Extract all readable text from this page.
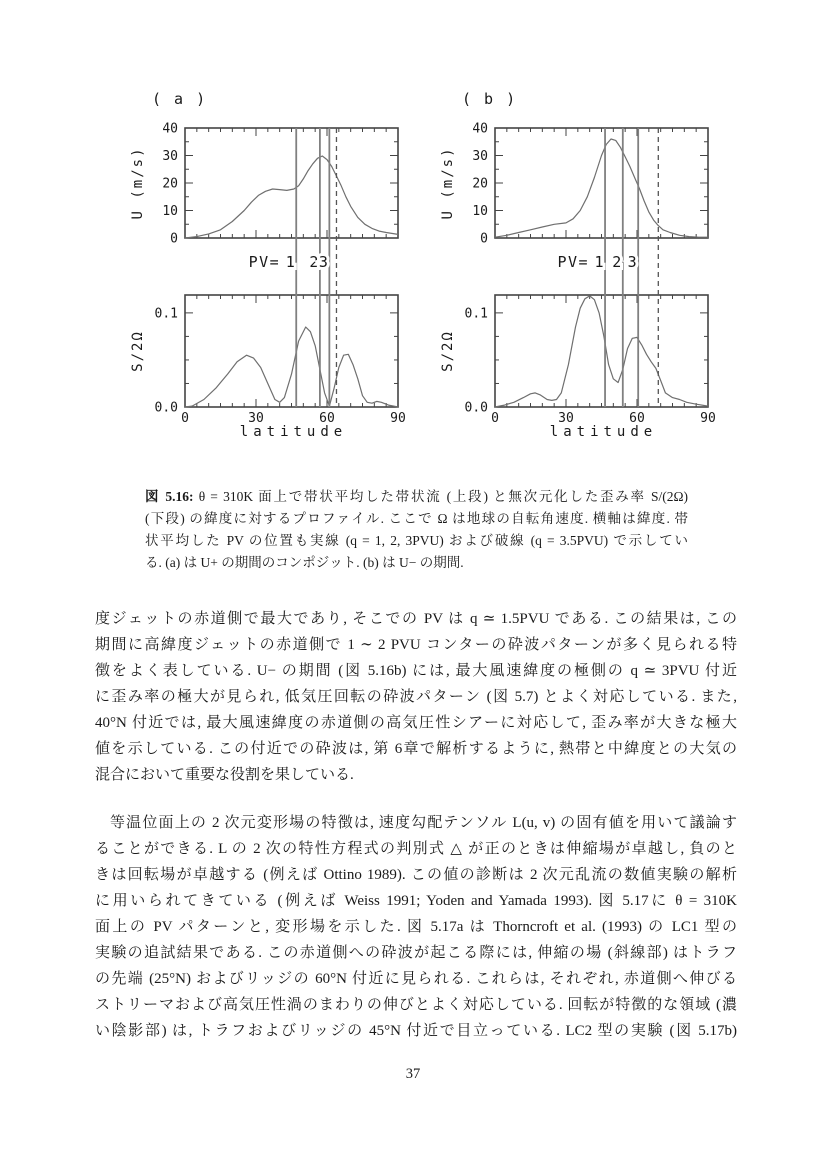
PV= 1 2 3
0
10
20
30
40
0.0
0.1
0	30	60	90
latitude
U (m/s)
S/2Ω
( a )
PV= 1 2 3
0
10
20
30
40
0.0
0.1
0	30	60	90
latitude
U (m/s)
S/2Ω
( b )
図 5.16: θ = 310K 面上で帯状平均した帯状流 (上段) と無次元化した歪み率 S/(2Ω)
(下段) の緯度に対するプロファイル. ここで Ω は地球の自転角速度. 横軸は緯度. 帯
状平均した PV の位置も実線 (q = 1, 2, 3PVU) および破線 (q = 3.5PVU) で示してい
る. (a) は U+ の期間のコンポジット. (b) は U− の期間.
度ジェットの赤道側で最大であり, そこでの PV は q ≃ 1.5PVU である. この結果は, この
期間に高緯度ジェットの赤道側で 1 ∼ 2 PVU コンターの砕波パターンが多く見られる特
徴をよく表している. U− の期間 (図 5.16b) には, 最大風速緯度の極側の q ≃ 3PVU 付近
に歪み率の極大が見られ, 低気圧回転の砕波パターン (図 5.7) とよく対応している. また,
40°N 付近では, 最大風速緯度の赤道側の高気圧性シアーに対応して, 歪み率が大きな極大
値を示している. この付近での砕波は, 第 6章で解析するように, 熱帯と中緯度との大気の
混合において重要な役割を果している.
等温位面上の 2 次元変形場の特徴は, 速度勾配テンソル L(u, v) の固有値を用いて議論す
ることができる. L の 2 次の特性方程式の判別式 △ が正のときは伸縮場が卓越し, 負のと
きは回転場が卓越する (例えば Ottino 1989). この値の診断は 2 次元乱流の数値実験の解析
に用いられてきている (例えば Weiss 1991; Yoden and Yamada 1993). 図 5.17に θ = 310K
面上の PV パターンと, 変形場を示した. 図 5.17a は Thorncroft et al. (1993) の LC1 型の
実験の追試結果である. この赤道側への砕波が起こる際には, 伸縮の場 (斜線部) はトラフ
の先端 (25°N) およびリッジの 60°N 付近に見られる. これらは, それぞれ, 赤道側へ伸びる
ストリーマおよび高気圧性渦のまわりの伸びとよく対応している. 回転が特徴的な領域 (濃
い陰影部) は, トラフおよびリッジの 45°N 付近で目立っている. LC2 型の実験 (図 5.17b)
37
